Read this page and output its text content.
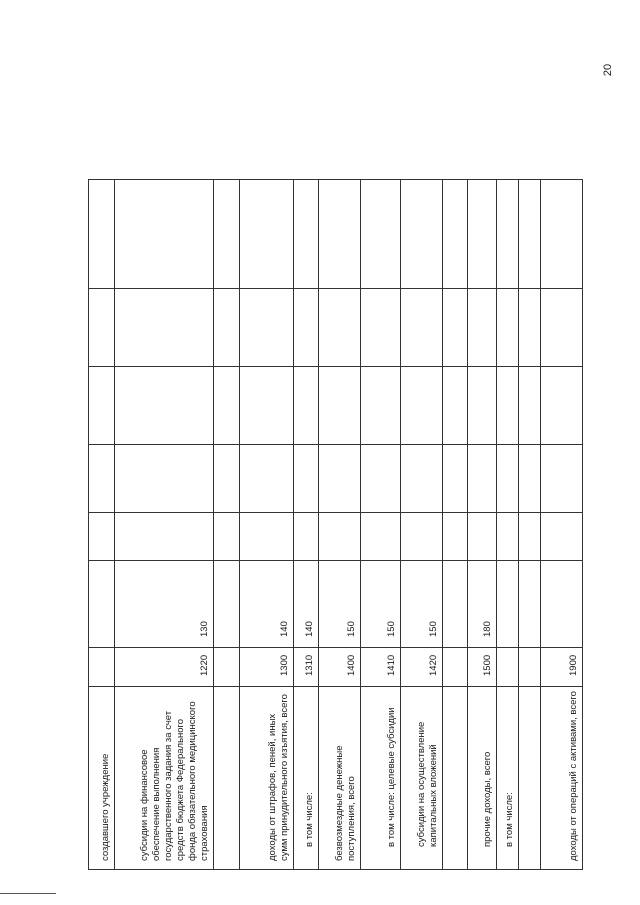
20
создавшего учреждение							
субсидии на финансовое обеспечение выполнения государственного задания за счет средств бюджета Федерального фонда обязательного медицинского страхования	1220	130					

доходы от штрафов, пеней, иных сумм принудительного изъятия, всего	1300	140					
в том числе:	1310	140					
безвозмездные денежные поступления, всего	1400	150					
в том числе: целевые субсидии	1410	150					
субсидии на осуществление капитальных вложений	1420	150					

прочие доходы, всего	1500	180					
в том числе:							

доходы от операций с активами, всего	1900						
